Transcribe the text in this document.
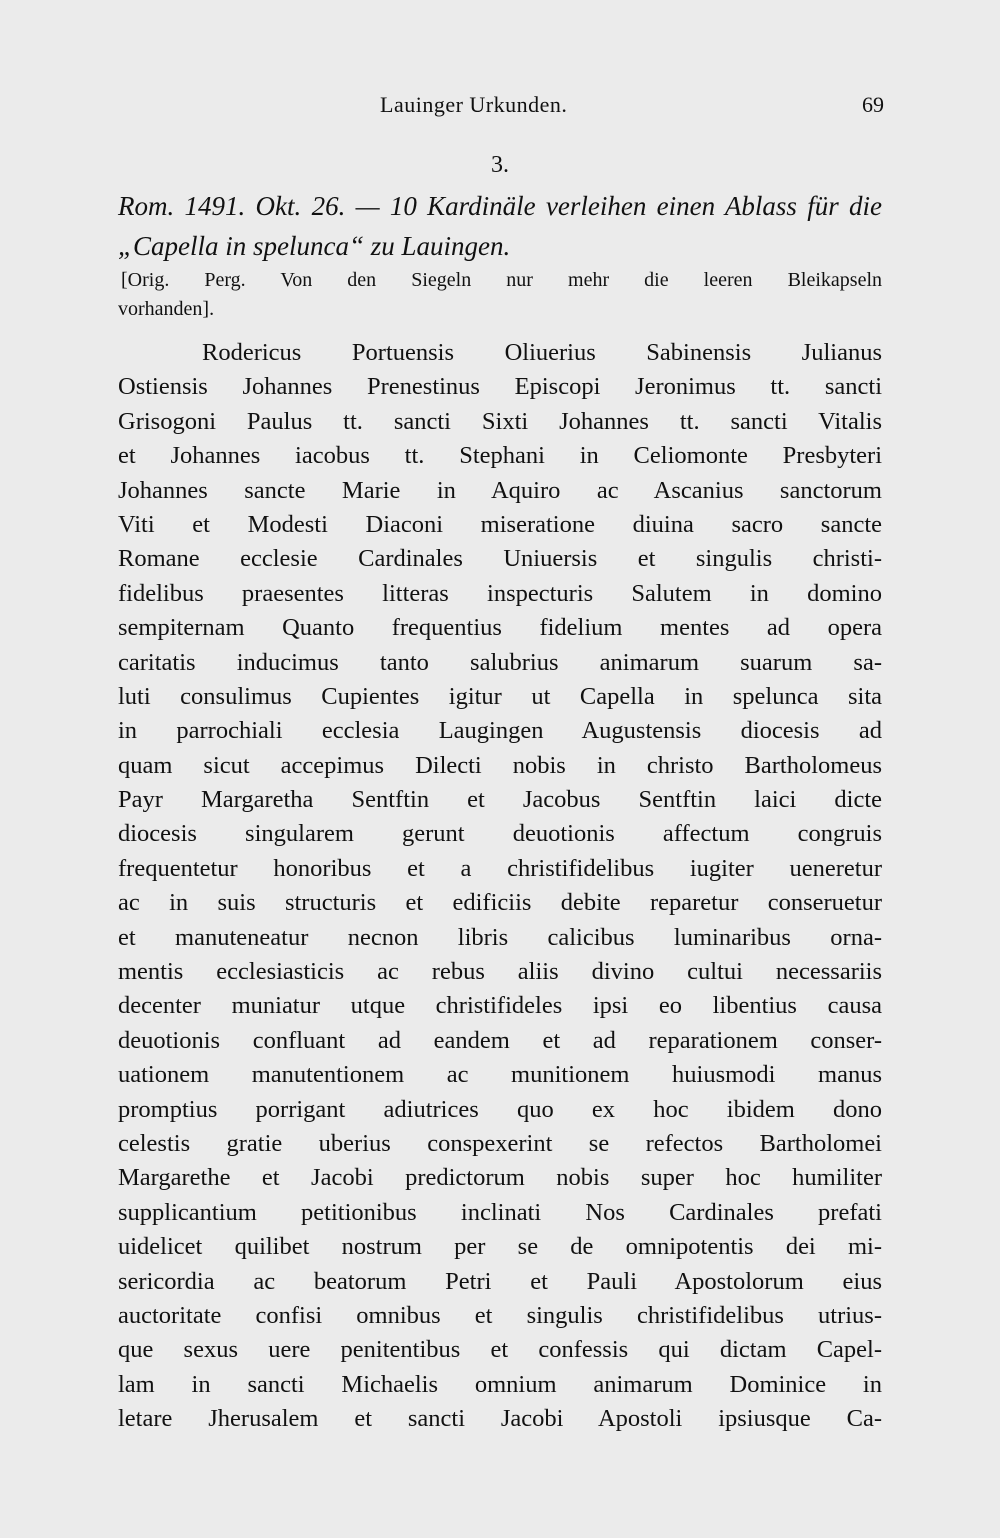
Lauinger Urkunden.	69
3.
Rom. 1491. Okt. 26. — 10 Kardinäle verleihen einen Ablass für die „Capella in spelunca“ zu Lauingen.
[Orig. Perg. Von den Siegeln nur mehr die leeren Bleikapseln
vorhanden].
Rodericus Portuensis Oliuerius Sabinensis Julianus
Ostiensis Johannes Prenestinus Episcopi Jeronimus tt. sancti
Grisogoni Paulus tt. sancti Sixti Johannes tt. sancti Vitalis
et Johannes iacobus tt. Stephani in Celiomonte Presbyteri
Johannes sancte Marie in Aquiro ac Ascanius sanctorum
Viti et Modesti Diaconi miseratione diuina sacro sancte
Romane ecclesie Cardinales Uniuersis et singulis christi-
fidelibus praesentes litteras inspecturis Salutem in domino
sempiternam Quanto frequentius fidelium mentes ad opera
caritatis inducimus tanto salubrius animarum suarum sa-
luti consulimus Cupientes igitur ut Capella in spelunca sita
in parrochiali ecclesia Laugingen Augustensis diocesis ad
quam sicut accepimus Dilecti nobis in christo Bartholomeus
Payr Margaretha Sentftin et Jacobus Sentftin laici dicte
diocesis singularem gerunt deuotionis affectum congruis
frequentetur honoribus et a christifidelibus iugiter ueneretur
ac in suis structuris et edificiis debite reparetur conseruetur
et manuteneatur necnon libris calicibus luminaribus orna-
mentis ecclesiasticis ac rebus aliis divino cultui necessariis
decenter muniatur utque christifideles ipsi eo libentius causa
deuotionis confluant ad eandem et ad reparationem conser-
uationem manutentionem ac munitionem huiusmodi manus
promptius porrigant adiutrices quo ex hoc ibidem dono
celestis gratie uberius conspexerint se refectos Bartholomei
Margarethe et Jacobi predictorum nobis super hoc humiliter
supplicantium petitionibus inclinati Nos Cardinales prefati
uidelicet quilibet nostrum per se de omnipotentis dei mi-
sericordia ac beatorum Petri et Pauli Apostolorum eius
auctoritate confisi omnibus et singulis christifidelibus utrius-
que sexus uere penitentibus et confessis qui dictam Capel-
lam in sancti Michaelis omnium animarum Dominice in
letare Jherusalem et sancti Jacobi Apostoli ipsiusque Ca-
